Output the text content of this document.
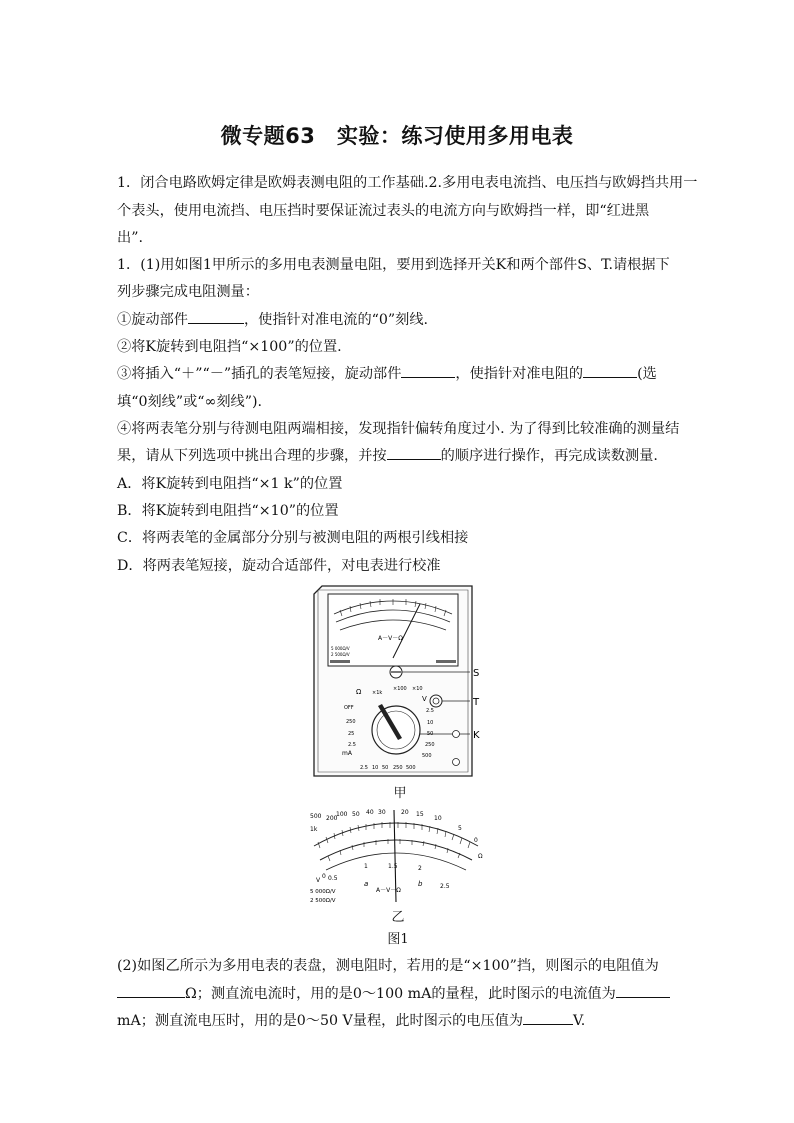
微专题63　实验：练习使用多用电表
1．闭合电路欧姆定律是欧姆表测电阻的工作基础.2.多用电表电流挡、电压挡与欧姆挡共用一
个表头，使用电流挡、电压挡时要保证流过表头的电流方向与欧姆挡一样，即“红进黑
出”.
1．(1)用如图1甲所示的多用电表测量电阻，要用到选择开关K和两个部件S、T.请根据下
列步骤完成电阻测量：
①旋动部件	，使指针对准电流的“0”刻线.
②将K旋转到电阻挡“×100”的位置.
③将插入“＋”“－”插孔的表笔短接，旋动部件	，使指针对准电阻的	(选
填“0刻线”或“∞刻线”).
④将两表笔分别与待测电阻两端相接，发现指针偏转角度过小. 为了得到比较准确的测量结
果，请从下列选项中挑出合理的步骤，并按	的顺序进行操作，再完成读数测量.
A．将K旋转到电阻挡“×1 k”的位置
B．将K旋转到电阻挡“×10”的位置
C．将两表笔的金属部分分别与被测电阻的两根引线相接
D．将两表笔短接，旋动合适部件，对电表进行校准
A－V－Ω
5 000Ω/V
2 500Ω/V
V
Ω ×1k
×100 ×10
OFF
250
25
2.5
mA
2.5
10
50
250
500
2.5 10 50 250 500
S
T
K
甲
500
1k
200
100 50 40 30	20 15
10
5
0
Ω
0 0.5
1	1.5	2
2.5
a	b
A－V－Ω
V
5 000Ω/V
2 500Ω/V
乙
图1
(2)如图乙所示为多用电表的表盘，测电阻时，若用的是“×100”挡，则图示的电阻值为
Ω；测直流电流时，用的是0～100 mA的量程，此时图示的电流值为
mA；测直流电压时，用的是0～50 V量程，此时图示的电压值为	V.
